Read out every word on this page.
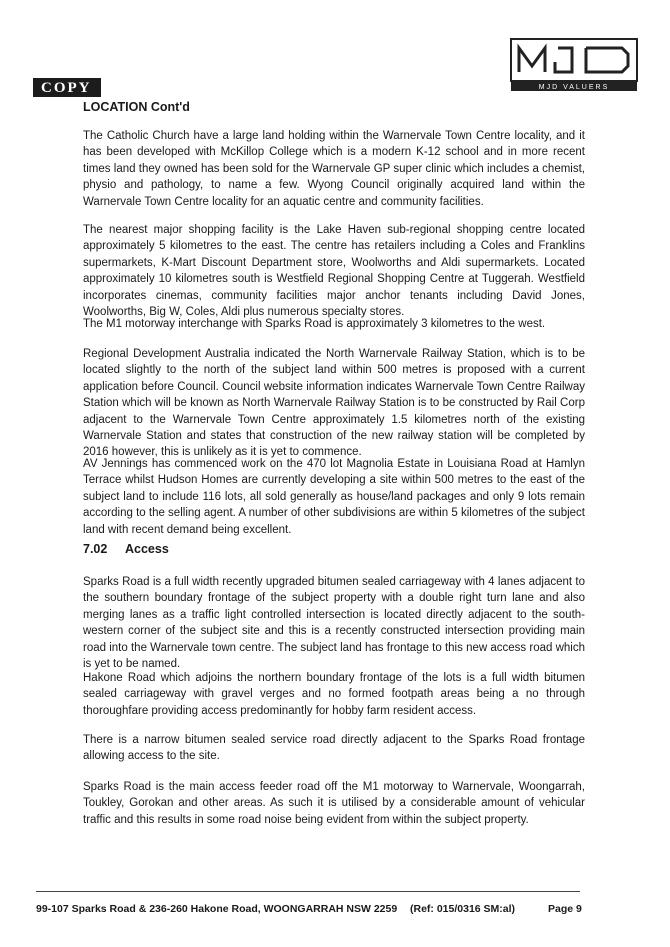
COPY	MJD VALUERS
LOCATION Cont'd

The Catholic Church have a large land holding within the Warnervale Town Centre locality, and it has been developed with McKillop College which is a modern K-12 school and in more recent times land they owned has been sold for the Warnervale GP super clinic which includes a chemist, physio and pathology, to name a few. Wyong Council originally acquired land within the Warnervale Town Centre locality for an aquatic centre and community facilities.

The nearest major shopping facility is the Lake Haven sub-regional shopping centre located approximately 5 kilometres to the east. The centre has retailers including a Coles and Franklins supermarkets, K-Mart Discount Department store, Woolworths and Aldi supermarkets. Located approximately 10 kilometres south is Westfield Regional Shopping Centre at Tuggerah. Westfield incorporates cinemas, community facilities major anchor tenants including David Jones, Woolworths, Big W, Coles, Aldi plus numerous specialty stores.

The M1 motorway interchange with Sparks Road is approximately 3 kilometres to the west.

Regional Development Australia indicated the North Warnervale Railway Station, which is to be located slightly to the north of the subject land within 500 metres is proposed with a current application before Council. Council website information indicates Warnervale Town Centre Railway Station which will be known as North Warnervale Railway Station is to be constructed by Rail Corp adjacent to the Warnervale Town Centre approximately 1.5 kilometres north of the existing Warnervale Station and states that construction of the new railway station will be completed by 2016 however, this is unlikely as it is yet to commence.

AV Jennings has commenced work on the 470 lot Magnolia Estate in Louisiana Road at Hamlyn Terrace whilst Hudson Homes are currently developing a site within 500 metres to the east of the subject land to include 116 lots, all sold generally as house/land packages and only 9 lots remain according to the selling agent. A number of other subdivisions are within 5 kilometres of the subject land with recent demand being excellent.

7.02 Access

Sparks Road is a full width recently upgraded bitumen sealed carriageway with 4 lanes adjacent to the southern boundary frontage of the subject property with a double right turn lane and also merging lanes as a traffic light controlled intersection is located directly adjacent to the south-western corner of the subject site and this is a recently constructed intersection providing main road into the Warnervale town centre. The subject land has frontage to this new access road which is yet to be named.

Hakone Road which adjoins the northern boundary frontage of the lots is a full width bitumen sealed carriageway with gravel verges and no formed footpath areas being a no through thoroughfare providing access predominantly for hobby farm resident access.

There is a narrow bitumen sealed service road directly adjacent to the Sparks Road frontage allowing access to the site.

Sparks Road is the main access feeder road off the M1 motorway to Warnervale, Woongarrah, Toukley, Gorokan and other areas. As such it is utilised by a considerable amount of vehicular traffic and this results in some road noise being evident from within the subject property.

99-107 Sparks Road & 236-260 Hakone Road, WOONGARRAH NSW 2259 (Ref: 015/0316 SM:al)	Page 9
